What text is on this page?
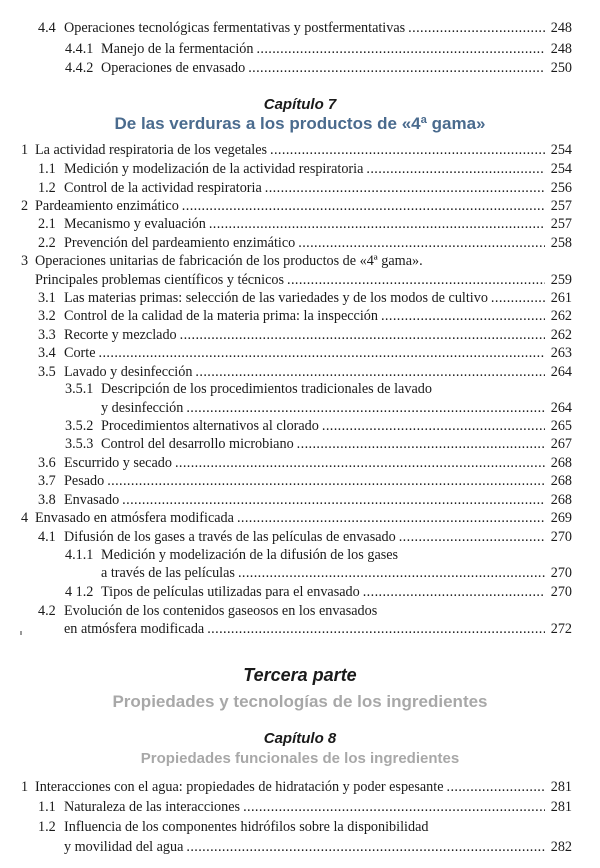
4.4 Operaciones tecnológicas fermentativas y postfermentativas .....	248
4.4.1 Manejo de la fermentación .....	248
4.4.2 Operaciones de envasado .....	250
1 La actividad respiratoria de los vegetales .....	254
1.1 Medición y modelización de la actividad respiratoria .....	254
1.2 Control de la actividad respiratoria .....	256
2 Pardeamiento enzimático .....	257
2.1 Mecanismo y evaluación .....	257
2.2 Prevención del pardeamiento enzimático .....	258
3 Operaciones unitarias de fabricación de los productos de «4ª gama».
Principales problemas científicos y técnicos .....	259
3.1 Las materias primas: selección de las variedades y de los modos de cultivo .....	261
3.2 Control de la calidad de la materia prima: la inspección .....	262
3.3 Recorte y mezclado .....	262
3.4 Corte .....	263
3.5 Lavado y desinfección .....	264
3.5.1 Descripción de los procedimientos tradicionales de lavado
y desinfección .....	264
3.5.2 Procedimientos alternativos al clorado .....	265
3.5.3 Control del desarrollo microbiano .....	267
3.6 Escurrido y secado .....	268
3.7 Pesado .....	268
3.8 Envasado .....	268
4 Envasado en atmósfera modificada .....	269
4.1 Difusión de los gases a través de las películas de envasado .....	270
4.1.1 Medición y modelización de la difusión de los gases
a través de las películas .....	270
4 1.2 Tipos de películas utilizadas para el envasado .....	270
4.2 Evolución de los contenidos gaseosos en los envasados
en atmósfera modificada .....	272
1 Interacciones con el agua: propiedades de hidratación y poder espesante .....	281
1.1 Naturaleza de las interacciones .....	281
1.2 Influencia de los componentes hidrófilos sobre la disponibilidad
y movilidad del agua .....	282
Capítulo 7
De las verduras a los productos de «4ª gama»
Tercera parte
Propiedades y tecnologías de los ingredientes
Capítulo 8
Propiedades funcionales de los ingredientes
